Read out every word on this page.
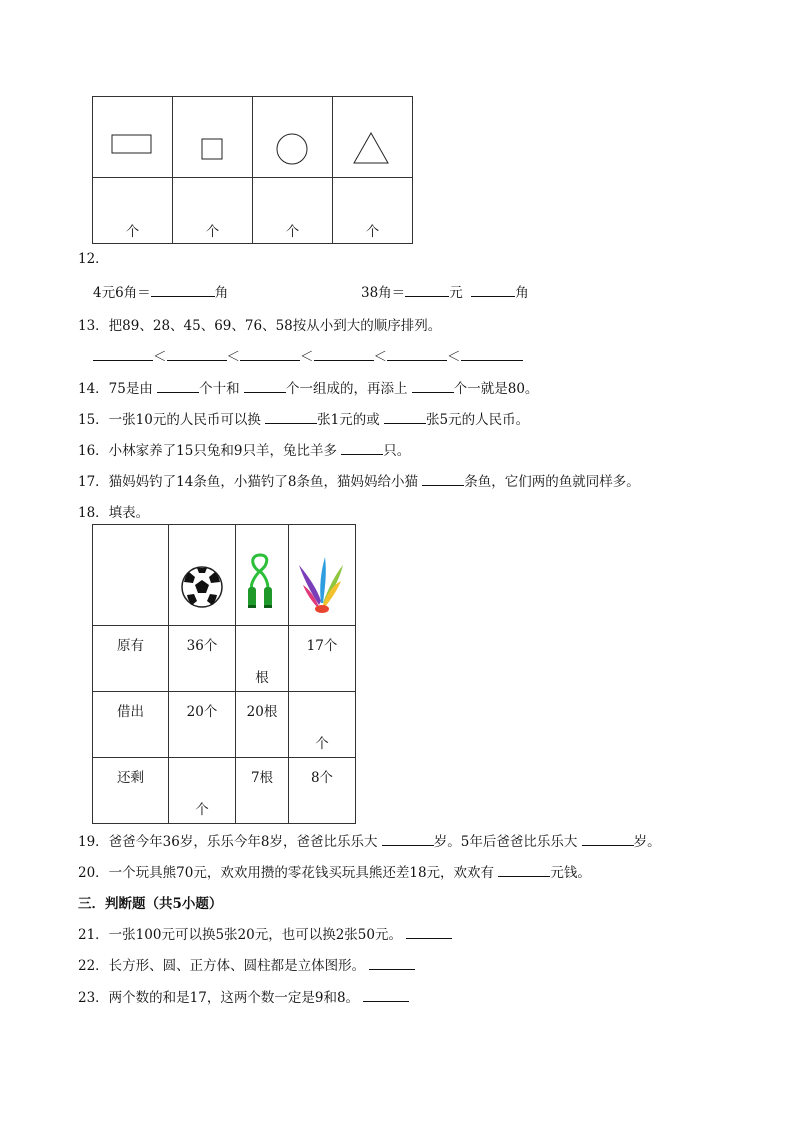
个	个	个	个
12．
4元6角＝	角	38角＝	元	角
13．把89、28、45、69、76、58按从小到大的顺序排列。
＜	＜	＜	＜	＜
14．75是由	个十和	个一组成的，再添上	个一就是80。
15．一张10元的人民币可以换	张1元的或	张5元的人民币。
16．小林家养了15只兔和9只羊，兔比羊多	只。
17．猫妈妈钓了14条鱼，小猫钓了8条鱼，猫妈妈给小猫	条鱼，它们两的鱼就同样多。
18．填表。

原有	36个	根	17个

借出	20个	20根	个

还剩	个	7根	8个
19．爸爸今年36岁，乐乐今年8岁，爸爸比乐乐大	岁。5年后爸爸比乐乐大	岁。
20．一个玩具熊70元，欢欢用攒的零花钱买玩具熊还差18元，欢欢有	元钱。
三．判断题（共5小题）
21．一张100元可以换5张20元，也可以换2张50元。
22．长方形、圆、正方体、圆柱都是立体图形。
23．两个数的和是17，这两个数一定是9和8。
